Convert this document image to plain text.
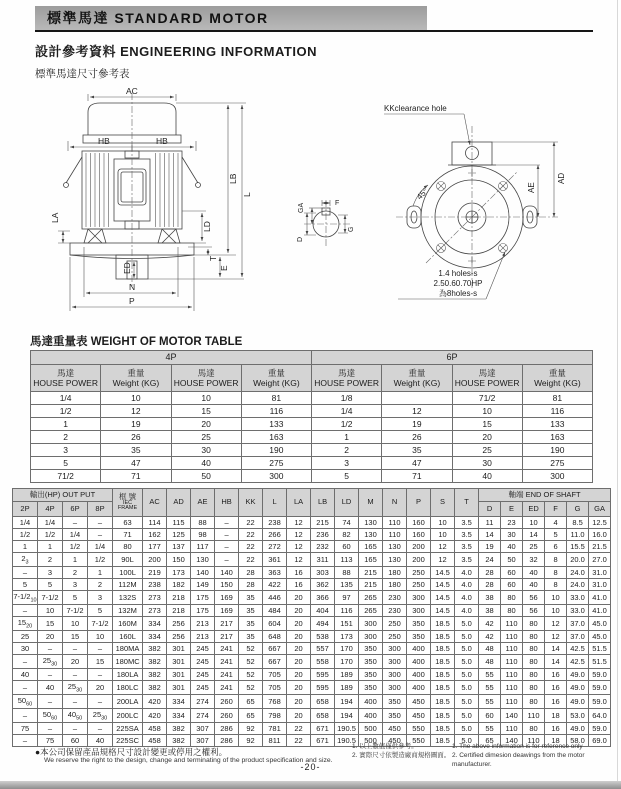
標準馬達 STANDARD MOTOR
設計參考資料 ENGINEERING INFORMATION
標準馬達尺寸參考表
AC
HB	HB
LA
LD
T
E
LB
L
ED
N
P
GA	F
D
G
KKclearance hole
45°	AE
AD
1.4 holes-s
2.50.60.70HP
為8holes-s
馬達重量表 WEIGHT OF MOTOR TABLE
4P				6P			

馬達
HOUSE POWER

重量
Weight (KG)

馬達
HOUSE POWER

重量
Weight (KG)

馬達
HOUSE POWER

重量
Weight (KG)

馬達
HOUSE POWER

重量
Weight (KG)

1/4	10	10	81	1/8		71/2	81
1/2	12	15	116	1/4	12	10	116
1	19	20	133	1/2	19	15	133
2	26	25	163	1	26	20	163
3	35	30	190	2	35	25	190
5	47	40	275	3	47	30	275
71/2	71	50	300	5	71	40	300
輸出(HP) OUT PUT				框 號
IEC
FRAME	AC	AD	AE	HB	KK	L	LA	LB	LD	M	N	P	S	T	軸端 END OF SHAFT					
2P	4P	6P	8P																D	E	ED	F	G	GA
1/4	1/4	–	–	63	114	115	88	–	22	238	12	215	74	130	110	160	10	3.5	11	23	10	4	8.5	12.5
1/2	1/2	1/4	–	71	162	125	98	–	22	266	12	236	82	130	110	160	10	3.5	14	30	14	5	11.0	16.0
1	1	1/2	1/4	80	177	137	117	–	22	272	12	232	60	165	130	200	12	3.5	19	40	25	6	15.5	21.5
$2_3$	2	1	1/2	90L	200	150	130	–	22	361	12	311	113	165	130	200	12	3.5	24	50	32	8	20.0	27.0
–	3	2	1	100L	219	173	140	140	28	363	16	303	88	215	180	250	14.5	4.0	28	60	40	8	24.0	31.0
5	5	3	2	112M	238	182	149	150	28	422	16	362	135	215	180	250	14.5	4.0	28	60	40	8	24.0	31.0
$7-1/2_{10}$	7-1/2	5	3	132S	273	218	175	169	35	446	20	366	97	265	230	300	14.5	4.0	38	80	56	10	33.0	41.0
–	10	7-1/2	5	132M	273	218	175	169	35	484	20	404	116	265	230	300	14.5	4.0	38	80	56	10	33.0	41.0
$15_{20}$	15	10	7-1/2	160M	334	256	213	217	35	604	20	494	151	300	250	350	18.5	5.0	42	110	80	12	37.0	45.0
25	20	15	10	160L	334	256	213	217	35	648	20	538	173	300	250	350	18.5	5.0	42	110	80	12	37.0	45.0
30	–	–	–	180MA	382	301	245	241	52	667	20	557	170	350	300	400	18.5	5.0	48	110	80	14	42.5	51.5
–	$25_{30}$	20	15	180MC	382	301	245	241	52	667	20	558	170	350	300	400	18.5	5.0	48	110	80	14	42.5	51.5
40	–	–	–	180LA	382	301	245	241	52	705	20	595	189	350	300	400	18.5	5.0	55	110	80	16	49.0	59.0
–	40	$25_{30}$	20	180LC	382	301	245	241	52	705	20	595	189	350	300	400	18.5	5.0	55	110	80	16	49.0	59.0
$50_{60}$	–	–	–	200LA	420	334	274	260	65	768	20	658	194	400	350	450	18.5	5.0	55	110	80	16	49.0	59.0
–	$50_{60}$	$40_{50}$	$25_{30}$	200LC	420	334	274	260	65	798	20	658	194	400	350	450	18.5	5.0	60	140	110	18	53.0	64.0
75	–	–	–	225SA	458	382	307	286	92	781	22	671	190.5	500	450	550	18.5	5.0	55	110	80	16	49.0	59.0
–	75	60	40	225SC	458	382	307	286	92	811	22	671	190.5	500	450	550	18.5	5.0	65	140	110	18	58.0	69.0
●本公司保留產品規格尺寸設計變更或停用之權利。
We reserve the right to the design, change and terminating of the product specification and size.
1. 以上數值僅供參考。
2. 實際尺寸依製造廠商規格圖面。
1. The above information is for reference only
2. Certified dimesion deawings from the motor manufacturer.
-20-
